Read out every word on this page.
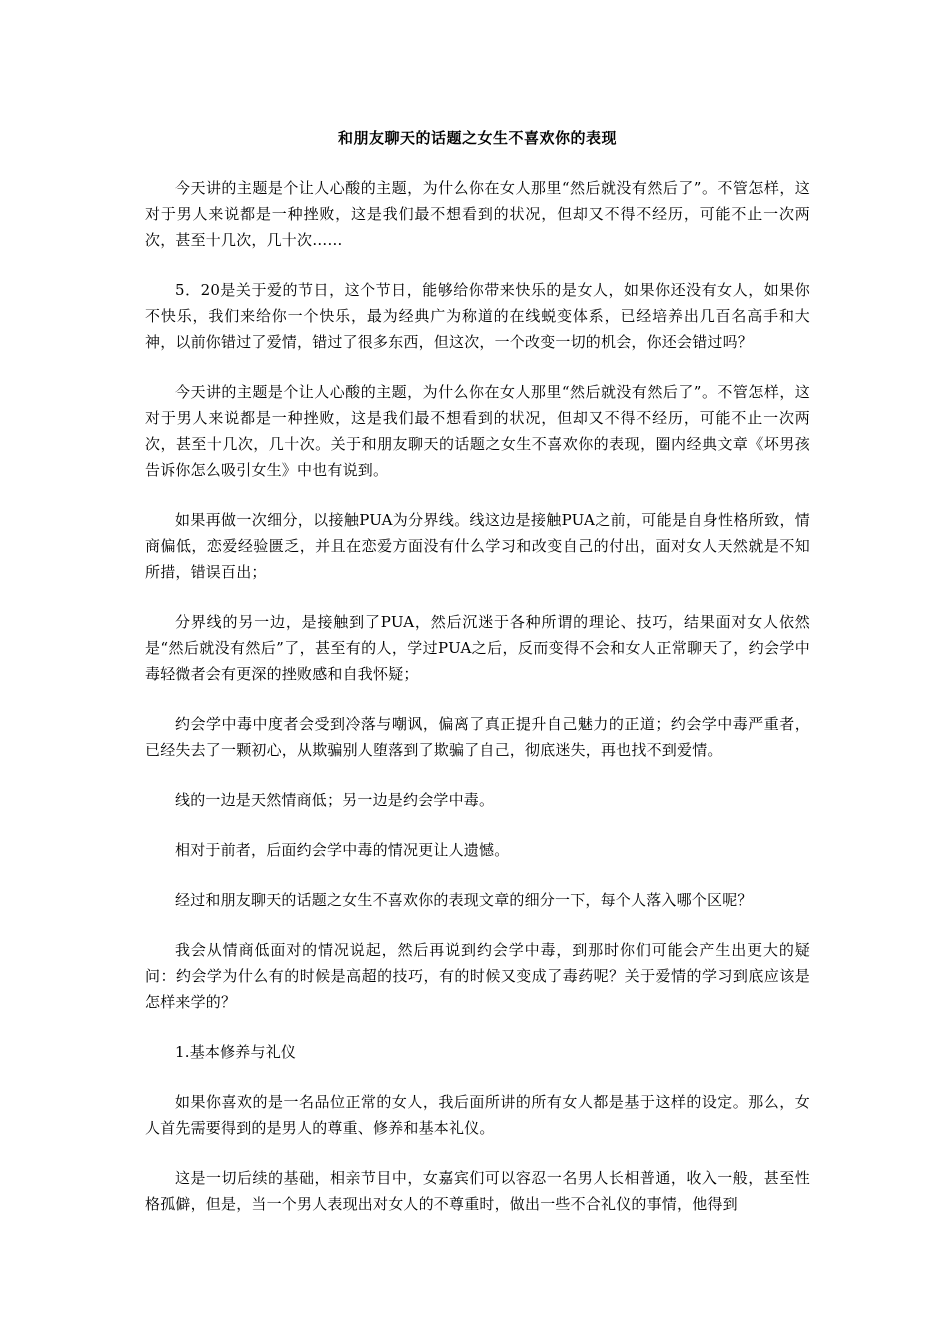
和朋友聊天的话题之女生不喜欢你的表现

今天讲的主题是个让人心酸的主题，为什么你在女人那里“然后就没有然后了”。不管怎样，这对于男人来说都是一种挫败，这是我们最不想看到的状况，但却又不得不经历，可能不止一次两次，甚至十几次，几十次……

5．20是关于爱的节日，这个节日，能够给你带来快乐的是女人，如果你还没有女人，如果你不快乐，我们来给你一个快乐，最为经典广为称道的在线蜕变体系，已经培养出几百名高手和大神，以前你错过了爱情，错过了很多东西，但这次，一个改变一切的机会，你还会错过吗？

今天讲的主题是个让人心酸的主题，为什么你在女人那里“然后就没有然后了”。不管怎样，这对于男人来说都是一种挫败，这是我们最不想看到的状况，但却又不得不经历，可能不止一次两次，甚至十几次，几十次。关于和朋友聊天的话题之女生不喜欢你的表现，圈内经典文章《坏男孩告诉你怎么吸引女生》中也有说到。

如果再做一次细分，以接触PUA为分界线。线这边是接触PUA之前，可能是自身性格所致，情商偏低，恋爱经验匮乏，并且在恋爱方面没有什么学习和改变自己的付出，面对女人天然就是不知所措，错误百出；

分界线的另一边，是接触到了PUA，然后沉迷于各种所谓的理论、技巧，结果面对女人依然是“然后就没有然后”了，甚至有的人，学过PUA之后，反而变得不会和女人正常聊天了，约会学中毒轻微者会有更深的挫败感和自我怀疑；

约会学中毒中度者会受到冷落与嘲讽，偏离了真正提升自己魅力的正道；约会学中毒严重者，已经失去了一颗初心，从欺骗别人堕落到了欺骗了自己，彻底迷失，再也找不到爱情。

线的一边是天然情商低；另一边是约会学中毒。

相对于前者，后面约会学中毒的情况更让人遗憾。

经过和朋友聊天的话题之女生不喜欢你的表现文章的细分一下，每个人落入哪个区呢？

我会从情商低面对的情况说起，然后再说到约会学中毒，到那时你们可能会产生出更大的疑问：约会学为什么有的时候是高超的技巧，有的时候又变成了毒药呢？关于爱情的学习到底应该是怎样来学的？

1.基本修养与礼仪

如果你喜欢的是一名品位正常的女人，我后面所讲的所有女人都是基于这样的设定。那么，女人首先需要得到的是男人的尊重、修养和基本礼仪。

这是一切后续的基础，相亲节目中，女嘉宾们可以容忍一名男人长相普通，收入一般，甚至性格孤僻，但是，当一个男人表现出对女人的不尊重时，做出一些不合礼仪的事情，他得到
